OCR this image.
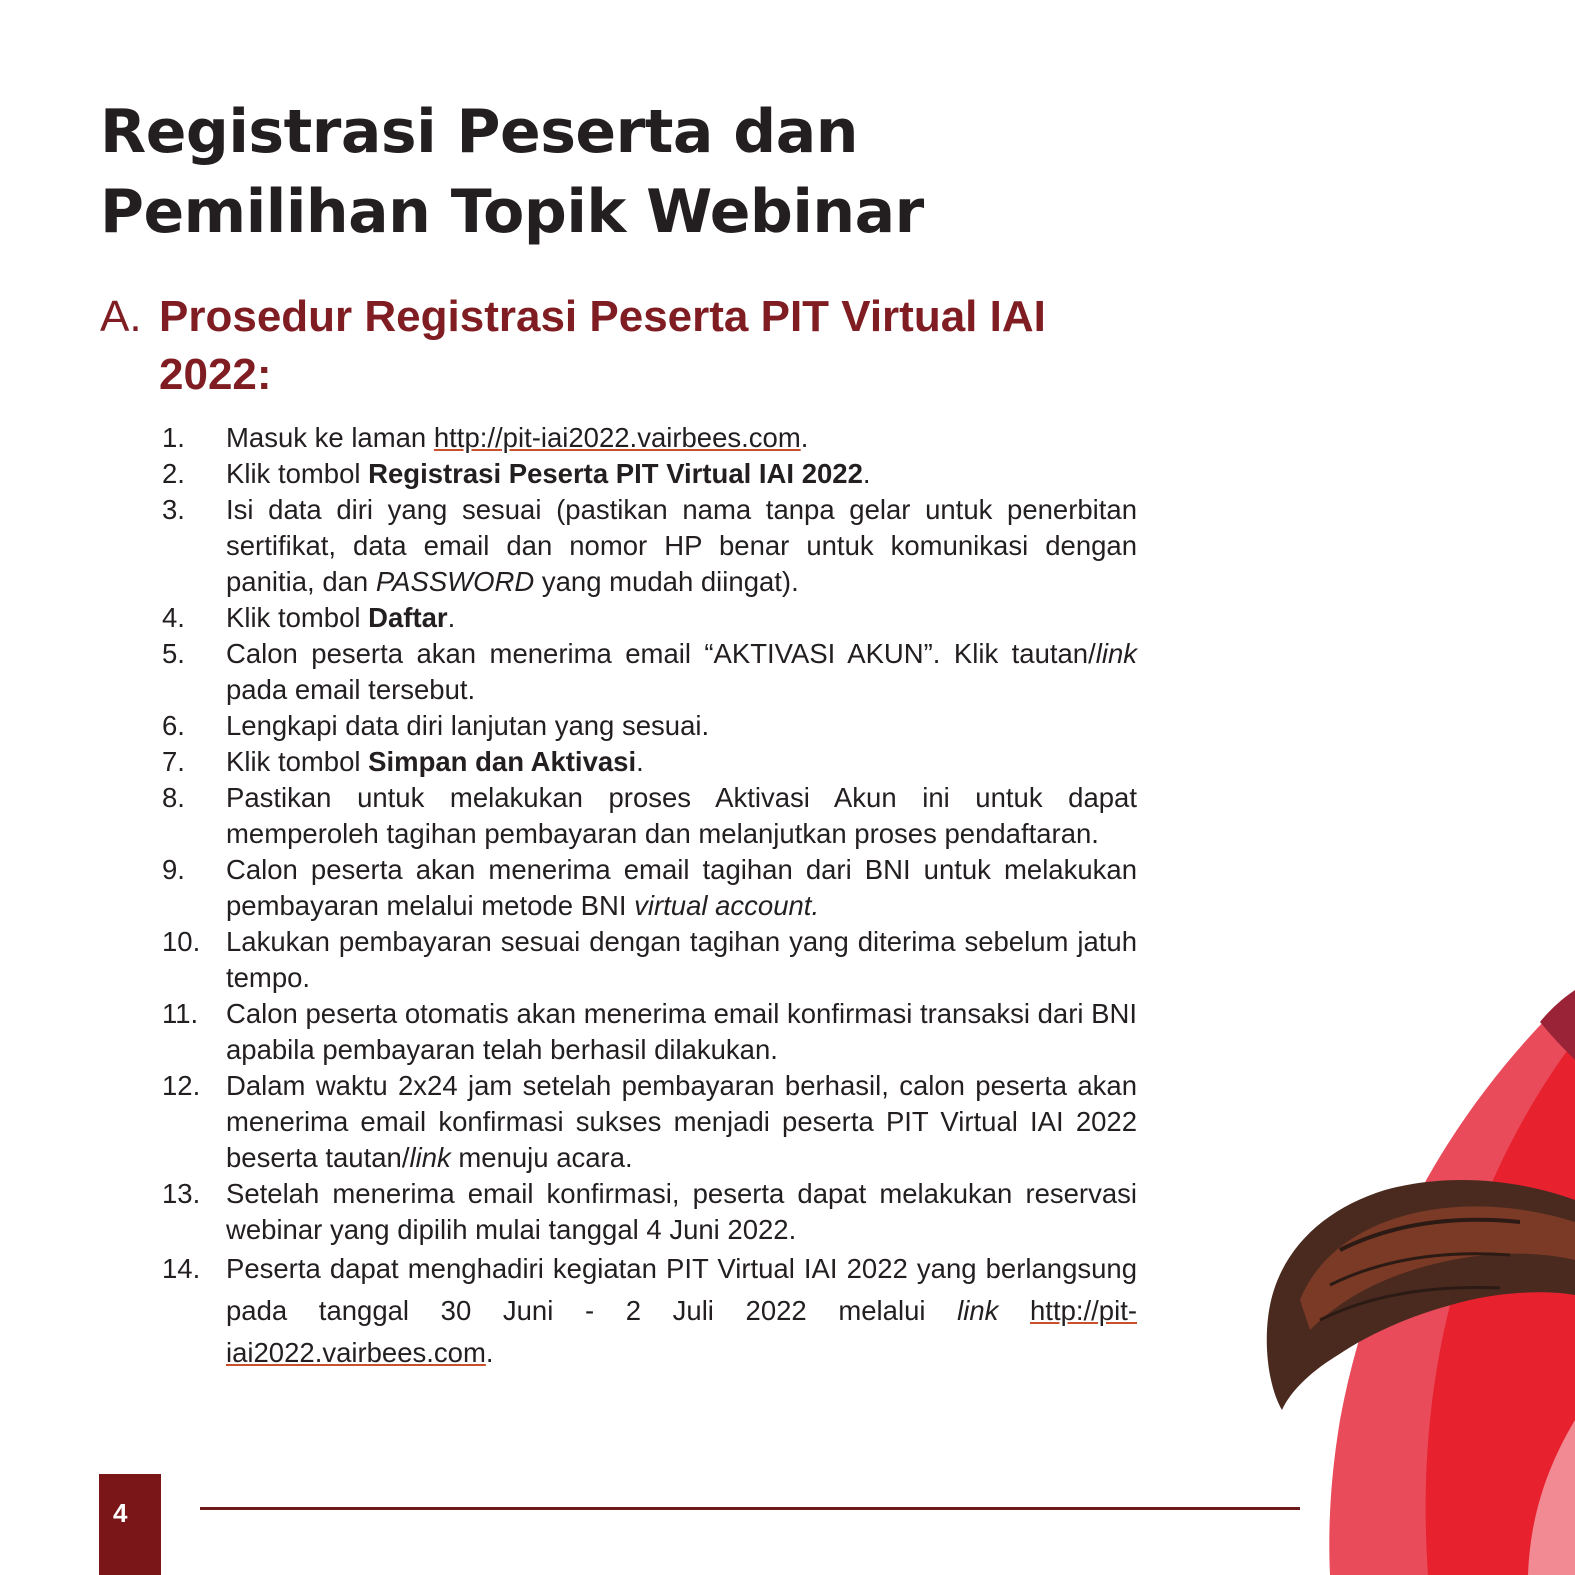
Registrasi Peserta dan
Pemilihan Topik Webinar
A. Prosedur Registrasi Peserta PIT Virtual IAI 2022:
1. Masuk ke laman http://pit-iai2022.vairbees.com.
2. Klik tombol Registrasi Peserta PIT Virtual IAI 2022.
3. Isi data diri yang sesuai (pastikan nama tanpa gelar untuk penerbitan sertifikat, data email dan nomor HP benar untuk komunikasi dengan panitia, dan PASSWORD yang mudah diingat).
4. Klik tombol Daftar.
5. Calon peserta akan menerima email “AKTIVASI AKUN”. Klik tautan/link pada email tersebut.
6. Lengkapi data diri lanjutan yang sesuai.
7. Klik tombol Simpan dan Aktivasi.
8. Pastikan untuk melakukan proses Aktivasi Akun ini untuk dapat memperoleh tagihan pembayaran dan melanjutkan proses pendaftaran.
9. Calon peserta akan menerima email tagihan dari BNI untuk melakukan pembayaran melalui metode BNI virtual account.
10. Lakukan pembayaran sesuai dengan tagihan yang diterima sebelum jatuh tempo.
11. Calon peserta otomatis akan menerima email konfirmasi transaksi dari BNI apabila pembayaran telah berhasil dilakukan.
12. Dalam waktu 2x24 jam setelah pembayaran berhasil, calon peserta akan menerima email konfirmasi sukses menjadi peserta PIT Virtual IAI 2022 beserta tautan/link menuju acara.
13. Setelah menerima email konfirmasi, peserta dapat melakukan reservasi webinar yang dipilih mulai tanggal 4 Juni 2022.
14. Peserta dapat menghadiri kegiatan PIT Virtual IAI 2022 yang berlangsung pada tanggal 30 Juni - 2 Juli 2022 melalui link http://pit-iai2022.vairbees.com.
4
